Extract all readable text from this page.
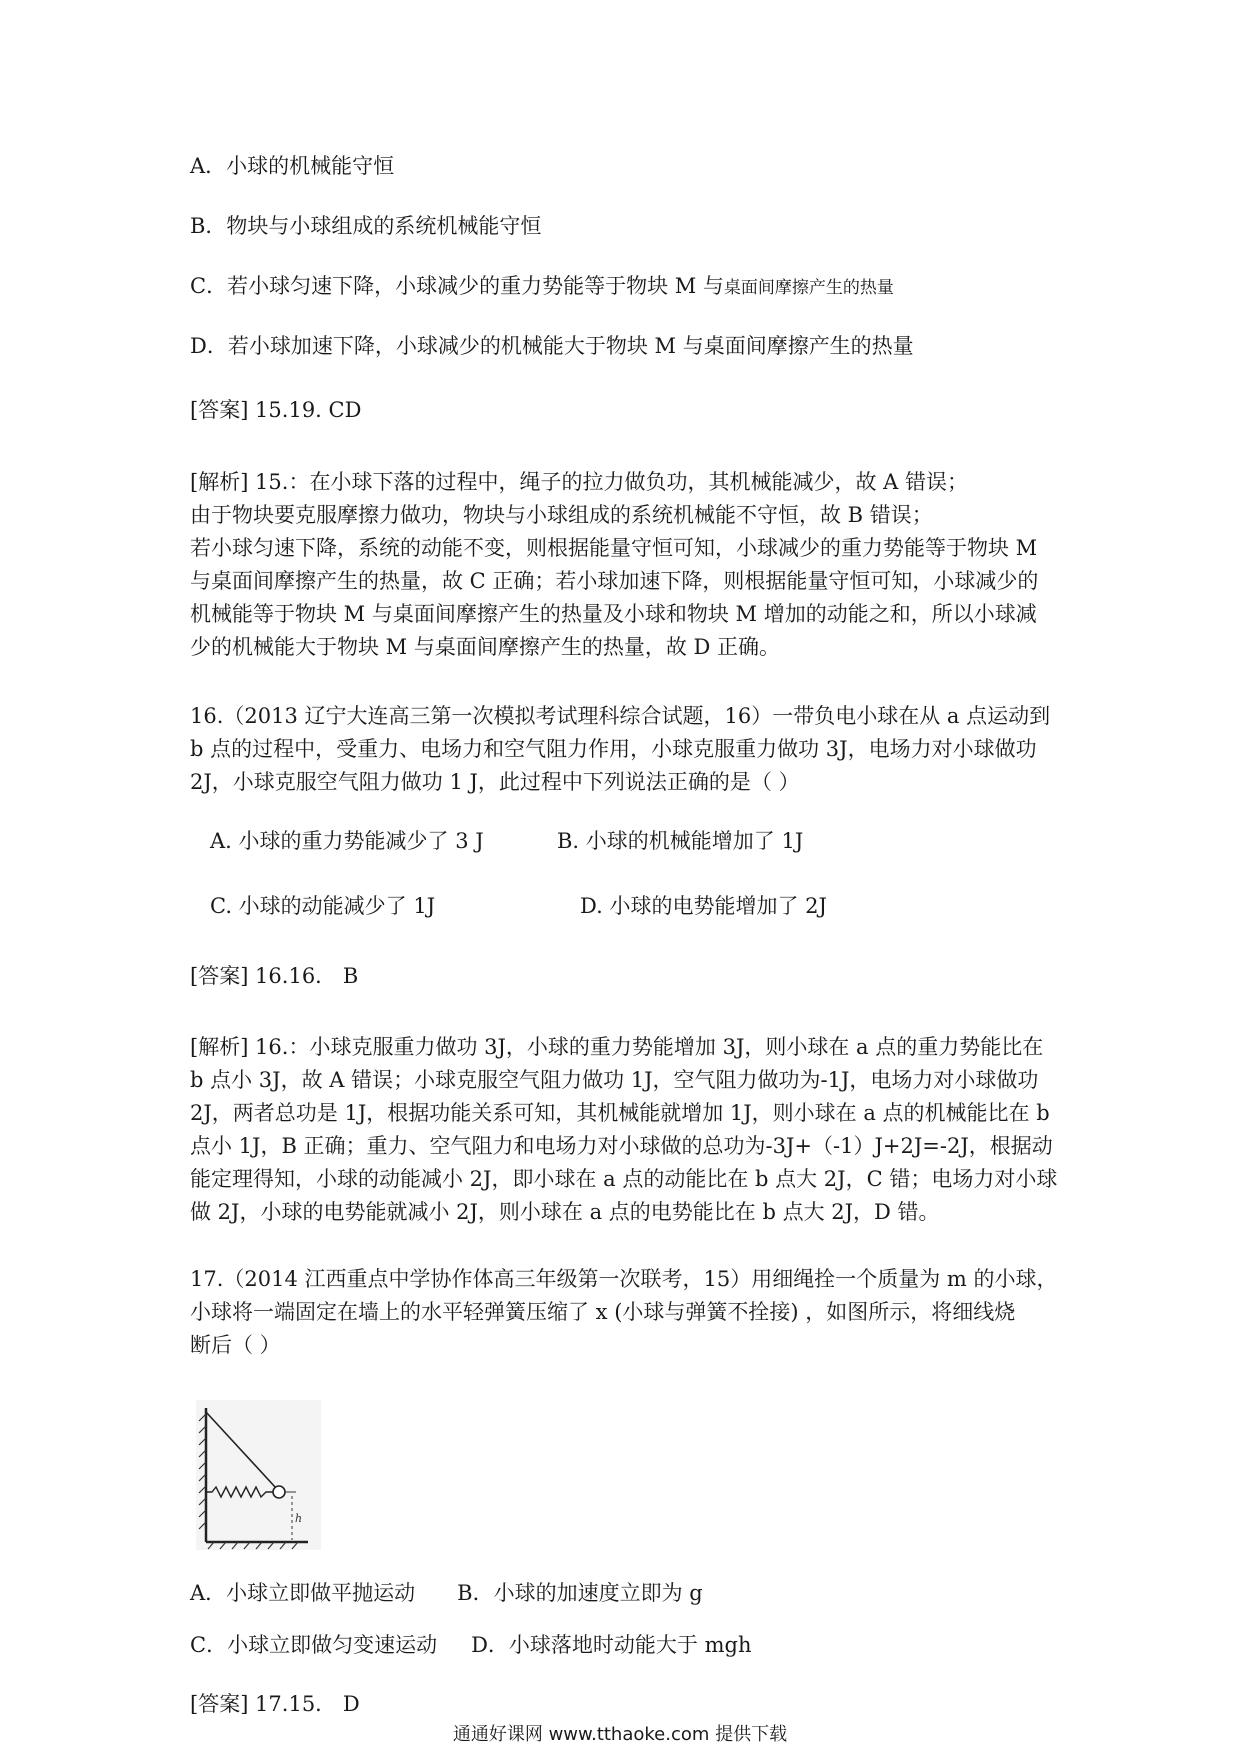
A．小球的机械能守恒
B．物块与小球组成的系统机械能守恒
C．若小球匀速下降，小球减少的重力势能等于物块 M 与桌面间摩擦产生的热量
D．若小球加速下降，小球减少的机械能大于物块 M 与桌面间摩擦产生的热量
[答案] 15.19. CD
[解析] 15.：在小球下落的过程中，绳子的拉力做负功，其机械能减少，故 A 错误；
由于物块要克服摩擦力做功，物块与小球组成的系统机械能不守恒，故 B 错误；
若小球匀速下降，系统的动能不变，则根据能量守恒可知，小球减少的重力势能等于物块 M
与桌面间摩擦产生的热量，故 C 正确；若小球加速下降，则根据能量守恒可知，小球减少的
机械能等于物块 M 与桌面间摩擦产生的热量及小球和物块 M 增加的动能之和，所以小球减
少的机械能大于物块 M 与桌面间摩擦产生的热量，故 D 正确。
16.（2013 辽宁大连高三第一次模拟考试理科综合试题，16）一带负电小球在从 a 点运动到
b 点的过程中，受重力、电场力和空气阻力作用，小球克服重力做功 3J，电场力对小球做功
2J，小球克服空气阻力做功 1 J，此过程中下列说法正确的是（ ）
A. 小球的重力势能减少了 3 J	B. 小球的机械能增加了 1J
C. 小球的动能减少了 1J	D. 小球的电势能增加了 2J
[答案] 16.16． B
[解析] 16.：小球克服重力做功 3J，小球的重力势能增加 3J，则小球在 a 点的重力势能比在
b 点小 3J，故 A 错误；小球克服空气阻力做功 1J，空气阻力做功为-1J，电场力对小球做功
2J，两者总功是 1J，根据功能关系可知，其机械能就增加 1J，则小球在 a 点的机械能比在 b
点小 1J，B 正确；重力、空气阻力和电场力对小球做的总功为-3J+（-1）J+2J=-2J，根据动
能定理得知，小球的动能减小 2J，即小球在 a 点的动能比在 b 点大 2J，C 错；电场力对小球
做 2J，小球的电势能就减小 2J，则小球在 a 点的电势能比在 b 点大 2J，D 错。
17.（2014 江西重点中学协作体高三年级第一次联考，15）用细绳拴一个质量为 m 的小球，
小球将一端固定在墙上的水平轻弹簧压缩了 x (小球与弹簧不拴接) ，如图所示，将细线烧
断后（ ）
h
A．小球立即做平抛运动 B．小球的加速度立即为 g
C．小球立即做匀变速运动 D．小球落地时动能大于 mgh
[答案] 17.15． D
通通好课网 www.tthaoke.com 提供下载
